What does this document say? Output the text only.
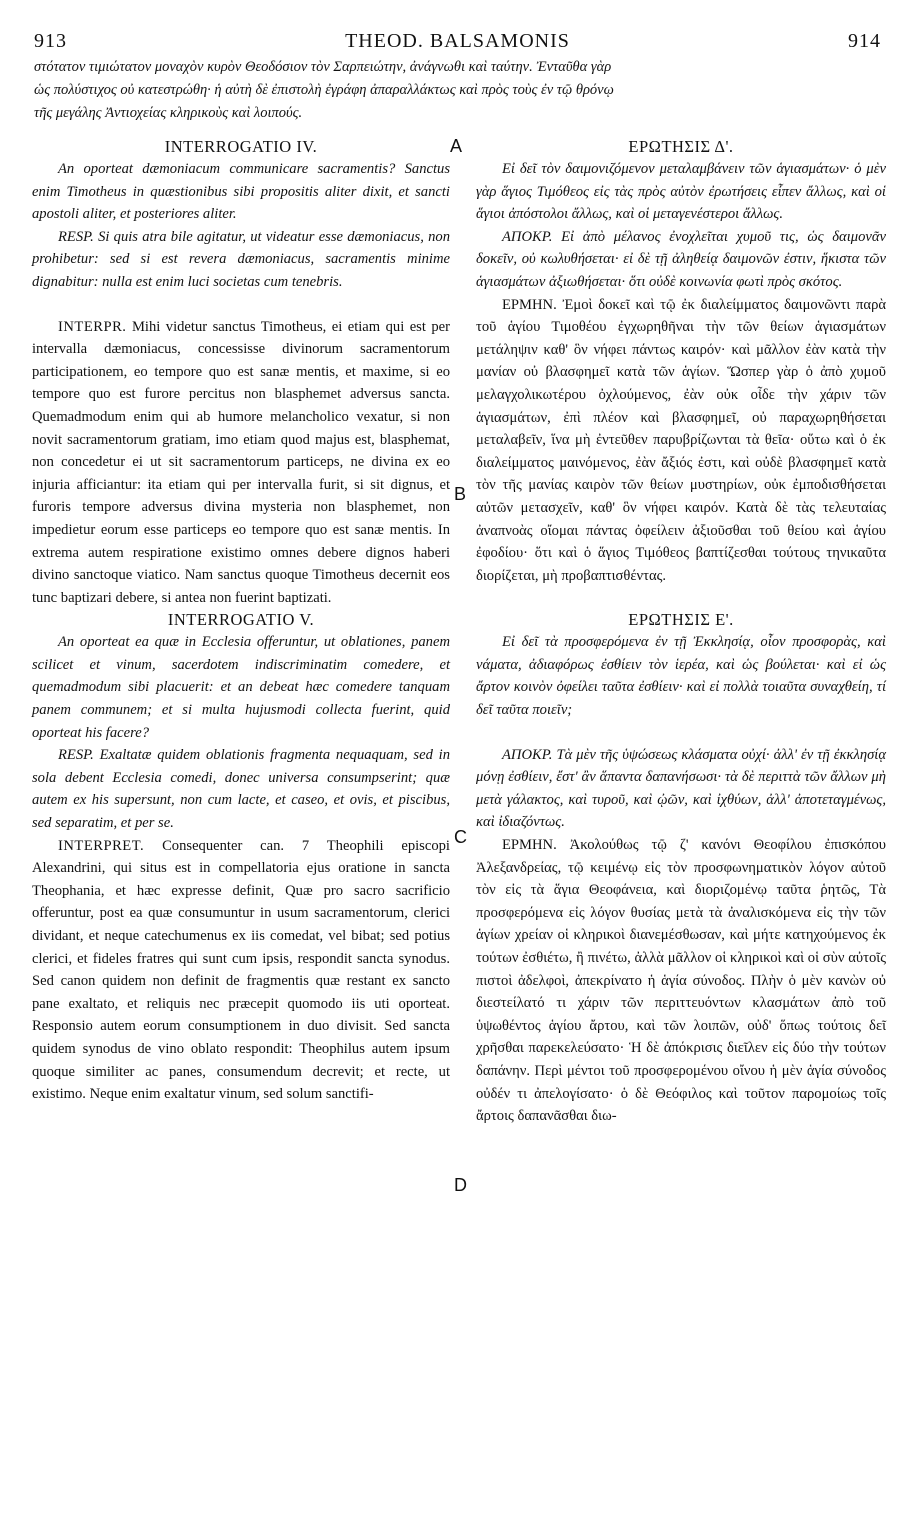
913	THEOD. BALSAMONIS	914

στότατον τιμιώτατον μοναχὸν κυρὸν Θεοδόσιον τὸν Σαρπειώτην, ἀνάγνωθι καὶ ταύτην. Ἐνταῦθα γὰρ

ὡς πολύστιχος οὐ κατεστρώθη· ἡ αὐτὴ δὲ ἐπιστολὴ ἐγράφη ἀπαραλλάκτως καὶ πρὸς τοὺς ἐν τῷ θρόνῳ

τῆς μεγάλης Ἀντιοχείας κληρικοὺς καὶ λοιπούς.

A
B
C
D

INTERROGATIO IV.

An oporteat dæmoniacum communicare sacramentis? Sanctus enim Timotheus in quæstionibus sibi propositis aliter dixit, et sancti apostoli aliter, et posteriores aliter.

RESP. Si quis atra bile agitatur, ut videatur esse dæmoniacus, non prohibetur: sed si est revera dæmoniacus, sacramentis minime dignabitur: nulla est enim luci societas cum tenebris.

INTERPR. Mihi videtur sanctus Timotheus, ei etiam qui est per intervalla dæmoniacus, concessisse divinorum sacramentorum participationem, eo tempore quo est sanæ mentis, et maxime, si eo tempore quo est furore percitus non blasphemet adversus sancta. Quemadmodum enim qui ab humore melancholico vexatur, si non novit sacramentorum gratiam, imo etiam quod majus est, blasphemat, non concedetur ei ut sit sacramentorum particeps, ne divina ex eo injuria afficiantur: ita etiam qui per intervalla furit, si sit dignus, et furoris tempore adversus divina mysteria non blasphemet, non impedietur eorum esse particeps eo tempore quo est sanæ mentis. In extrema autem respiratione existimo omnes debere dignos haberi divino sanctoque viatico. Nam sanctus quoque Timotheus decernit eos tunc baptizari debere, si antea non fuerint baptizati.

INTERROGATIO V.

An oporteat ea quæ in Ecclesia offeruntur, ut oblationes, panem scilicet et vinum, sacerdotem indiscriminatim comedere, et quemadmodum sibi placuerit: et an debeat hæc comedere tanquam panem communem; et si multa hujusmodi collecta fuerint, quid oporteat his facere?

RESP. Exaltatæ quidem oblationis fragmenta nequaquam, sed in sola debent Ecclesia comedi, donec universa consumpserint; quæ autem ex his supersunt, non cum lacte, et caseo, et ovis, et piscibus, sed separatim, et per se.

INTERPRET. Consequenter can. 7 Theophili episcopi Alexandrini, qui situs est in compellatoria ejus oratione in sancta Theophania, et hæc expresse definit, Quæ pro sacro sacrificio offeruntur, post ea quæ consumuntur in usum sacramentorum, clerici dividant, et neque catechumenus ex iis comedat, vel bibat; sed potius clerici, et fideles fratres qui sunt cum ipsis, respondit sancta synodus. Sed canon quidem non definit de fragmentis quæ restant ex sancto pane exaltato, et reliquis nec præcepit quomodo iis uti oporteat. Responsio autem eorum consumptionem in duo divisit. Sed sancta quidem synodus de vino oblato respondit: Theophilus autem ipsum quoque similiter ac panes, consumendum decrevit; et recte, ut existimo. Neque enim exaltatur vinum, sed solum sanctifi-

ΕΡΩΤΗΣΙΣ Δ'.

Εἰ δεῖ τὸν δαιμονιζόμενον μεταλαμβάνειν τῶν ἁγιασμάτων· ὁ μὲν γὰρ ἅγιος Τιμόθεος εἰς τὰς πρὸς αὐτὸν ἐρωτήσεις εἶπεν ἄλλως, καὶ οἱ ἅγιοι ἀπόστολοι ἄλλως, καὶ οἱ μεταγενέστεροι ἄλλως.

ΑΠΟΚΡ. Εἰ ἀπὸ μέλανος ἐνοχλεῖται χυμοῦ τις, ὡς δαιμονᾶν δοκεῖν, οὐ κωλυθήσεται· εἰ δὲ τῇ ἀληθείᾳ δαιμονῶν ἐστιν, ἥκιστα τῶν ἁγιασμάτων ἀξιωθήσεται· ὅτι οὐδὲ κοινωνία φωτὶ πρὸς σκότος.

ΕΡΜΗΝ. Ἐμοὶ δοκεῖ καὶ τῷ ἐκ διαλείμματος δαιμονῶντι παρὰ τοῦ ἁγίου Τιμοθέου ἐγχωρηθῆναι τὴν τῶν θείων ἁγιασμάτων μετάληψιν καθ' ὃν νήφει πάντως καιρόν· καὶ μᾶλλον ἐὰν κατὰ τὴν μανίαν οὐ βλασφημεῖ κατὰ τῶν ἁγίων. Ὥσπερ γὰρ ὁ ἀπὸ χυμοῦ μελαγχολικωτέρου ὀχλούμενος, ἐὰν οὐκ οἶδε τὴν χάριν τῶν ἁγιασμάτων, ἐπὶ πλέον καὶ βλασφημεῖ, οὐ παραχωρηθήσεται μεταλαβεῖν, ἵνα μὴ ἐντεῦθεν παρυβρίζωνται τὰ θεῖα· οὕτω καὶ ὁ ἐκ διαλείμματος μαινόμενος, ἐὰν ἄξιός ἐστι, καὶ οὐδὲ βλασφημεῖ κατὰ τὸν τῆς μανίας καιρὸν τῶν θείων μυστηρίων, οὐκ ἐμποδισθήσεται αὐτῶν μετασχεῖν, καθ' ὃν νήφει καιρόν. Κατὰ δὲ τὰς τελευταίας ἀναπνοὰς οἴομαι πάντας ὀφείλειν ἀξιοῦσθαι τοῦ θείου καὶ ἁγίου ἐφοδίου· ὅτι καὶ ὁ ἅγιος Τιμόθεος βαπτίζεσθαι τούτους τηνικαῦτα διορίζεται, μὴ προβαπτισθέντας.

ΕΡΩΤΗΣΙΣ Ε'.

Εἰ δεῖ τὰ προσφερόμενα ἐν τῇ Ἐκκλησίᾳ, οἷον προσφορὰς, καὶ νάματα, ἀδιαφόρως ἐσθίειν τὸν ἱερέα, καὶ ὡς βούλεται· καὶ εἰ ὡς ἄρτον κοινὸν ὀφείλει ταῦτα ἐσθίειν· καὶ εἰ πολλὰ τοιαῦτα συναχθείη, τί δεῖ ταῦτα ποιεῖν;

ΑΠΟΚΡ. Τὰ μὲν τῆς ὑψώσεως κλάσματα οὐχί· ἀλλ' ἐν τῇ ἐκκλησίᾳ μόνῃ ἐσθίειν, ἔστ' ἂν ἅπαντα δαπανήσωσι· τὰ δὲ περιττὰ τῶν ἄλλων μὴ μετὰ γάλακτος, καὶ τυροῦ, καὶ ᾠῶν, καὶ ἰχθύων, ἀλλ' ἀποτεταγμένως, καὶ ἰδιαζόντως.

ΕΡΜΗΝ. Ἀκολούθως τῷ ζ' κανόνι Θεοφίλου ἐπισκόπου Ἀλεξανδρείας, τῷ κειμένῳ εἰς τὸν προσφωνηματικὸν λόγον αὐτοῦ τὸν εἰς τὰ ἅγια Θεοφάνεια, καὶ διοριζομένῳ ταῦτα ῥητῶς, Τὰ προσφερόμενα εἰς λόγον θυσίας μετὰ τὰ ἀναλισκόμενα εἰς τὴν τῶν ἁγίων χρείαν οἱ κληρικοὶ διανεμέσθωσαν, καὶ μήτε κατηχούμενος ἐκ τούτων ἐσθιέτω, ἢ πινέτω, ἀλλὰ μᾶλλον οἱ κληρικοὶ καὶ οἱ σὺν αὐτοῖς πιστοὶ ἀδελφοὶ, ἀπεκρίνατο ἡ ἁγία σύνοδος. Πλὴν ὁ μὲν κανὼν οὐ διεστείλατό τι χάριν τῶν περιττευόντων κλασμάτων ἀπὸ τοῦ ὑψωθέντος ἁγίου ἄρτου, καὶ τῶν λοιπῶν, οὐδ' ὅπως τούτοις δεῖ χρῆσθαι παρεκελεύσατο· Ἡ δὲ ἀπόκρισις διεῖλεν εἰς δύο τὴν τούτων δαπάνην. Περὶ μέντοι τοῦ προσφερομένου οἴνου ἡ μὲν ἁγία σύνοδος οὐδέν τι ἀπελογίσατο· ὁ δὲ Θεόφιλος καὶ τοῦτον παρομοίως τοῖς ἄρτοις δαπανᾶσθαι διω-
